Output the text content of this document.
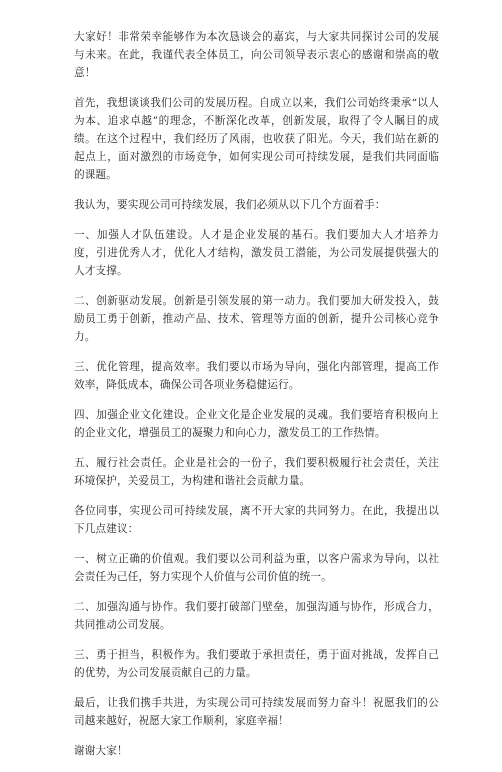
大家好！非常荣幸能够作为本次恳谈会的嘉宾，与大家共同探讨公司的发展与未来。在此，我谨代表全体员工，向公司领导表示衷心的感谢和崇高的敬意！

首先，我想谈谈我们公司的发展历程。自成立以来，我们公司始终秉承“以人为本、追求卓越”的理念，不断深化改革，创新发展，取得了令人瞩目的成绩。在这个过程中，我们经历了风雨，也收获了阳光。今天，我们站在新的起点上，面对激烈的市场竞争，如何实现公司可持续发展，是我们共同面临的课题。

我认为，要实现公司可持续发展，我们必须从以下几个方面着手：

一、加强人才队伍建设。人才是企业发展的基石。我们要加大人才培养力度，引进优秀人才，优化人才结构，激发员工潜能，为公司发展提供强大的人才支撑。

二、创新驱动发展。创新是引领发展的第一动力。我们要加大研发投入，鼓励员工勇于创新，推动产品、技术、管理等方面的创新，提升公司核心竞争力。

三、优化管理，提高效率。我们要以市场为导向，强化内部管理，提高工作效率，降低成本，确保公司各项业务稳健运行。

四、加强企业文化建设。企业文化是企业发展的灵魂。我们要培育积极向上的企业文化，增强员工的凝聚力和向心力，激发员工的工作热情。

五、履行社会责任。企业是社会的一份子，我们要积极履行社会责任，关注环境保护，关爱员工，为构建和谐社会贡献力量。

各位同事，实现公司可持续发展，离不开大家的共同努力。在此，我提出以下几点建议：

一、树立正确的价值观。我们要以公司利益为重，以客户需求为导向，以社会责任为己任，努力实现个人价值与公司价值的统一。

二、加强沟通与协作。我们要打破部门壁垒，加强沟通与协作，形成合力，共同推动公司发展。

三、勇于担当，积极作为。我们要敢于承担责任，勇于面对挑战，发挥自己的优势，为公司发展贡献自己的力量。

最后，让我们携手共进，为实现公司可持续发展而努力奋斗！祝愿我们的公司越来越好，祝愿大家工作顺利，家庭幸福！

谢谢大家！
